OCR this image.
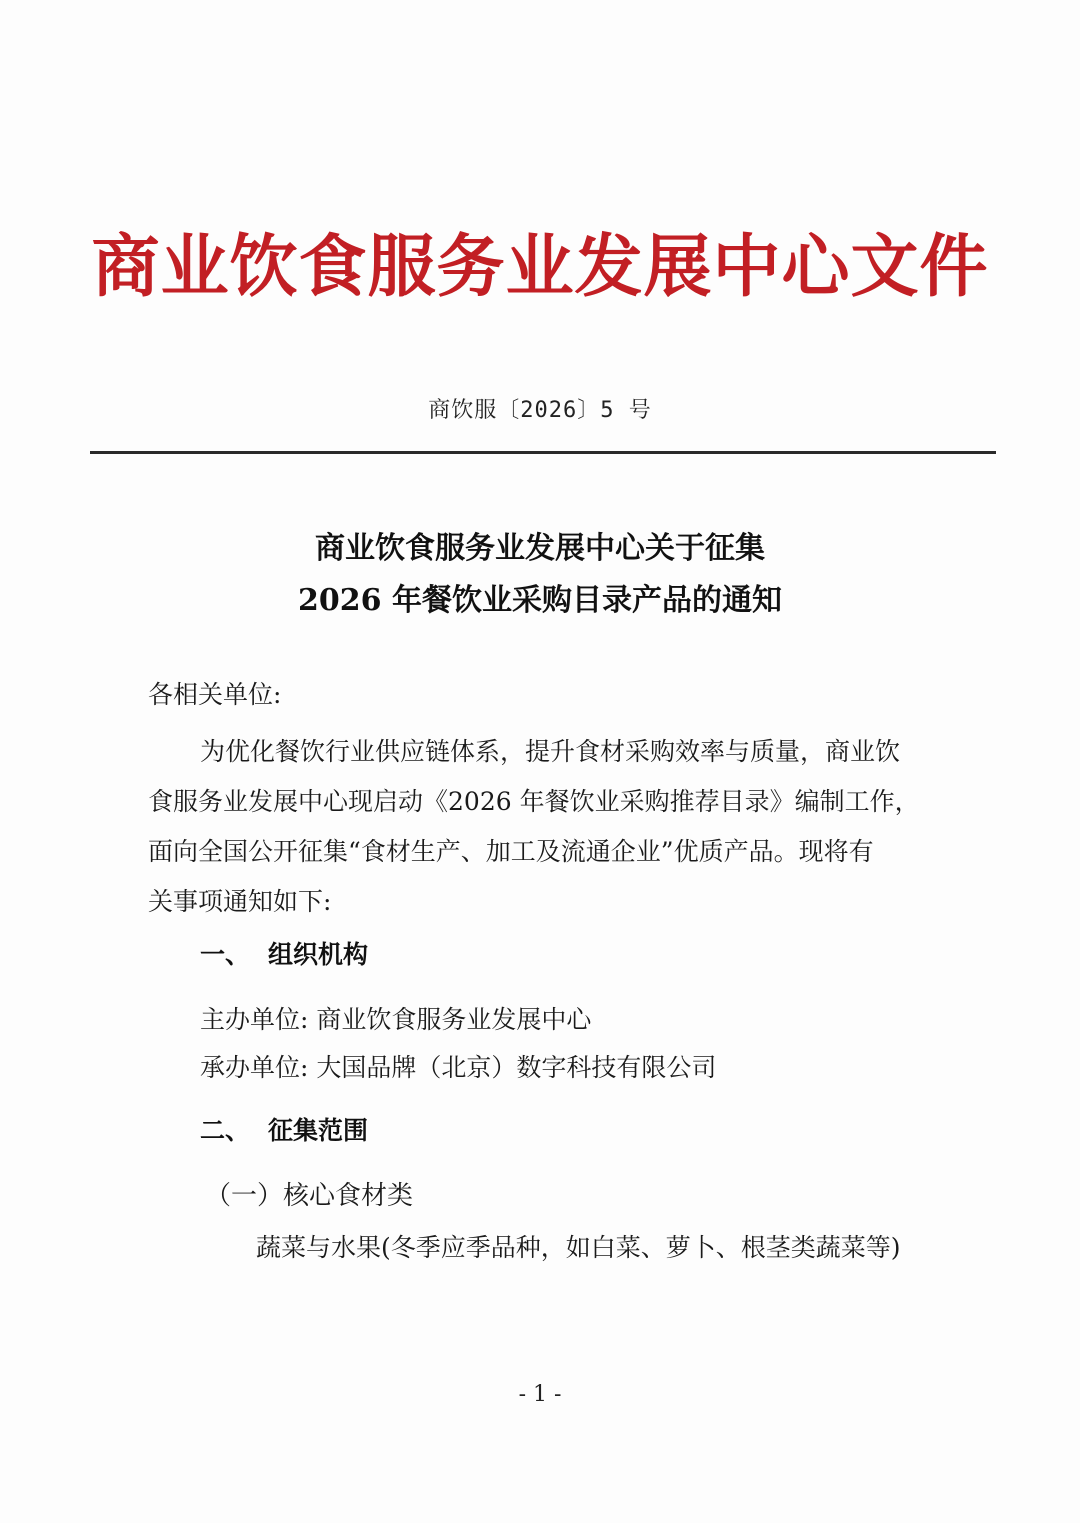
商业饮食服务业发展中心文件
商饮服〔2026〕5 号
商业饮食服务业发展中心关于征集
2026 年餐饮业采购目录产品的通知
各相关单位:
为优化餐饮行业供应链体系，提升食材采购效率与质量，商业饮
食服务业发展中心现启动《2026 年餐饮业采购推荐目录》编制工作，
面向全国公开征集“食材生产、加工及流通企业”优质产品。现将有
关事项通知如下:
一、 组织机构
主办单位: 商业饮食服务业发展中心
承办单位: 大国品牌（北京）数字科技有限公司
二、 征集范围
（一）核心食材类
蔬菜与水果(冬季应季品种，如白菜、萝卜、根茎类蔬菜等)
- 1 -
